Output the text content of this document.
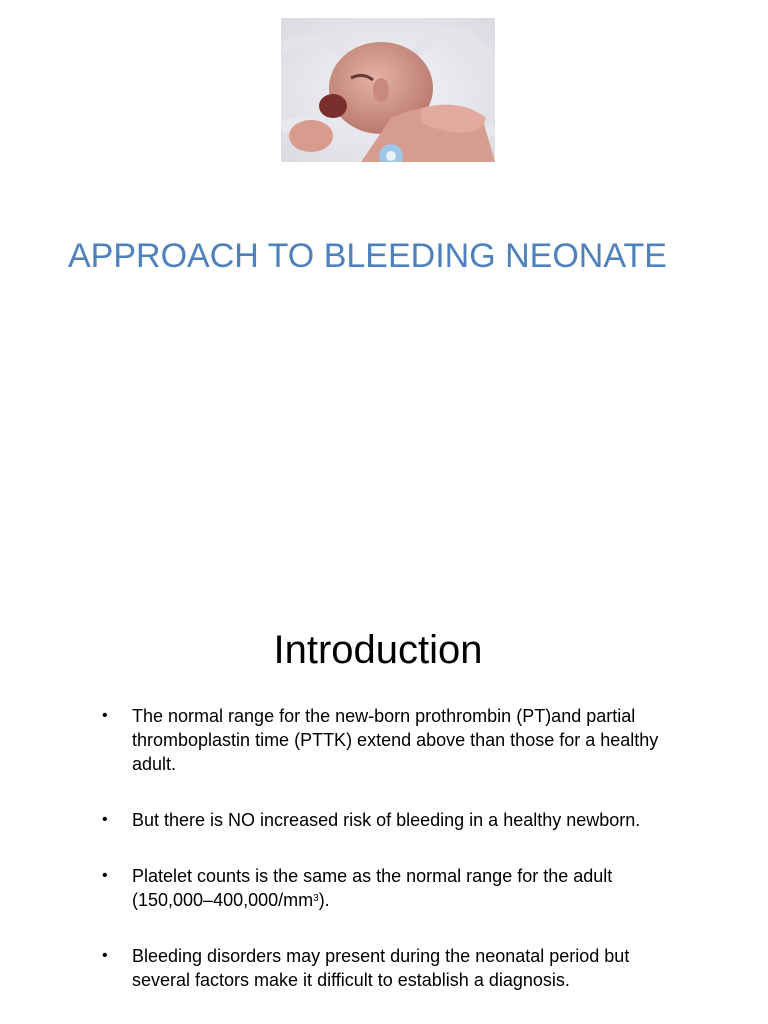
APPROACH TO BLEEDING NEONATE
Introduction
• The normal range for the new-born prothrombin (PT)and partial thromboplastin time (PTTK) extend above than those for a healthy adult.
• But there is NO increased risk of bleeding in a healthy newborn.
• Platelet counts is the same as the normal range for the adult
$(150,000-400,000/mm^3)$.
• Bleeding disorders may present during the neonatal period but several factors make it difficult to establish a diagnosis.
